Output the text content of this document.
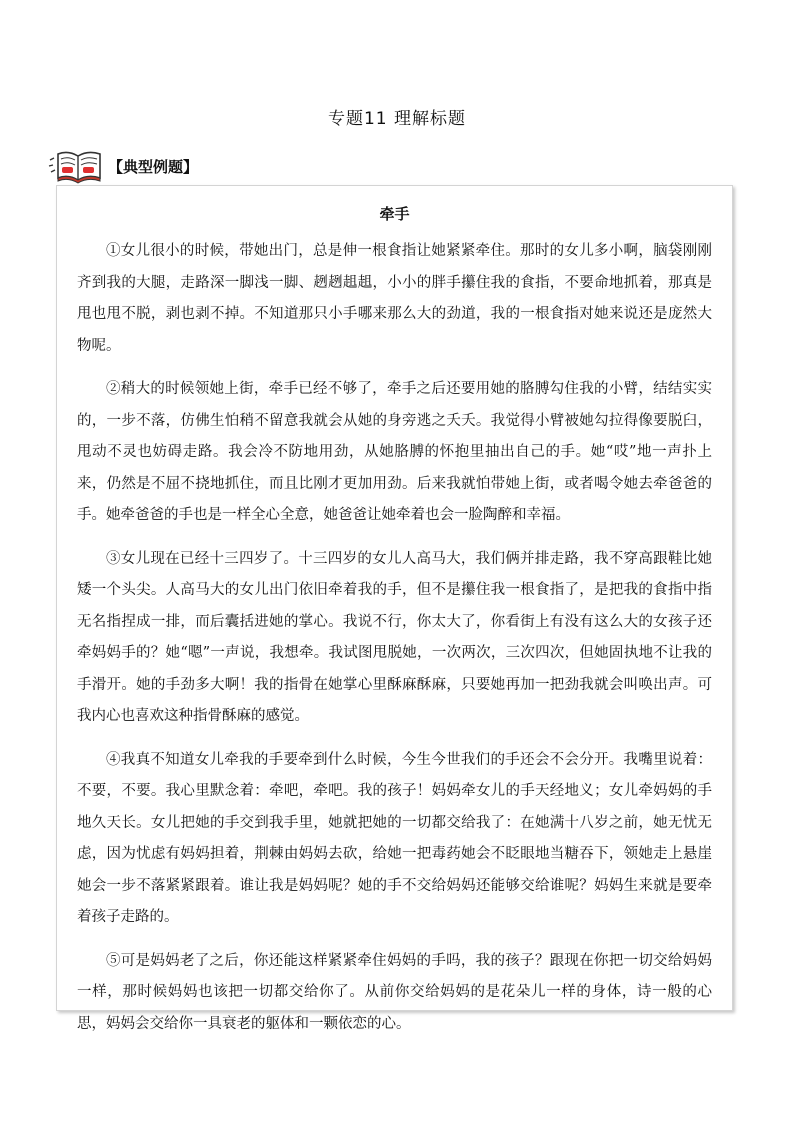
专题11 理解标题
【典型例题】
牵手

①女儿很小的时候，带她出门，总是伸一根食指让她紧紧牵住。那时的女儿多小啊，脑袋刚刚齐到我的大腿，走路深一脚浅一脚、趔趔趄趄，小小的胖手攥住我的食指，不要命地抓着，那真是甩也甩不脱，剥也剥不掉。不知道那只小手哪来那么大的劲道，我的一根食指对她来说还是庞然大物呢。

②稍大的时候领她上街，牵手已经不够了，牵手之后还要用她的胳膊勾住我的小臂，结结实实的，一步不落，仿佛生怕稍不留意我就会从她的身旁逃之夭夭。我觉得小臂被她勾拉得像要脱臼，甩动不灵也妨碍走路。我会冷不防地用劲，从她胳膊的怀抱里抽出自己的手。她“哎”地一声扑上来，仍然是不屈不挠地抓住，而且比刚才更加用劲。后来我就怕带她上街，或者喝令她去牵爸爸的手。她牵爸爸的手也是一样全心全意，她爸爸让她牵着也会一脸陶醉和幸福。

③女儿现在已经十三四岁了。十三四岁的女儿人高马大，我们俩并排走路，我不穿高跟鞋比她矮一个头尖。人高马大的女儿出门依旧牵着我的手，但不是攥住我一根食指了，是把我的食指中指无名指捏成一排，而后囊括进她的掌心。我说不行，你太大了，你看街上有没有这么大的女孩子还牵妈妈手的？她“嗯”一声说，我想牵。我试图甩脱她，一次两次，三次四次，但她固执地不让我的手滑开。她的手劲多大啊！我的指骨在她掌心里酥麻酥麻，只要她再加一把劲我就会叫唤出声。可我内心也喜欢这种指骨酥麻的感觉。

④我真不知道女儿牵我的手要牵到什么时候，今生今世我们的手还会不会分开。我嘴里说着：不要，不要。我心里默念着：牵吧，牵吧。我的孩子！妈妈牵女儿的手天经地义；女儿牵妈妈的手地久天长。女儿把她的手交到我手里，她就把她的一切都交给我了：在她满十八岁之前，她无忧无虑，因为忧虑有妈妈担着，荆棘由妈妈去砍，给她一把毒药她会不眨眼地当糖吞下，领她走上悬崖她会一步不落紧紧跟着。谁让我是妈妈呢？她的手不交给妈妈还能够交给谁呢？妈妈生来就是要牵着孩子走路的。

⑤可是妈妈老了之后，你还能这样紧紧牵住妈妈的手吗，我的孩子？跟现在你把一切交给妈妈一样，那时候妈妈也该把一切都交给你了。从前你交给妈妈的是花朵儿一样的身体，诗一般的心思，妈妈会交给你一具衰老的躯体和一颗依恋的心。
